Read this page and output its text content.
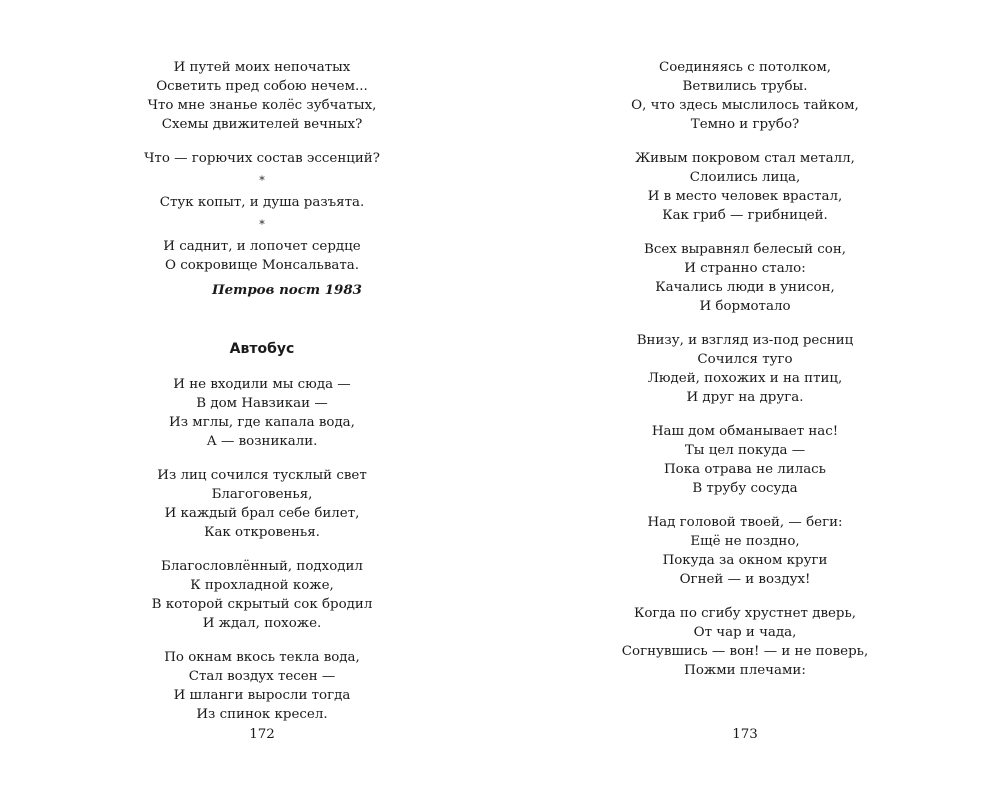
И путей моих непочатых
Осветить пред собою нечем...
Что мне знанье колёс зубчатых,
Схемы движителей вечных?
Что — горючих состав эссенций?
*
Стук копыт, и душа разъята.
*
И саднит, и лопочет сердце
О сокровище Монсальвата.
Петров пост 1983
Автобус
И не входили мы сюда —
В дом Навзикаи —
Из мглы, где капала вода,
А — возникали.
Из лиц сочился тусклый свет
Благоговенья,
И каждый брал себе билет,
Как откровенья.
Благословлённый, подходил
К прохладной коже,
В которой скрытый сок бродил
И ждал, похоже.
По окнам вкось текла вода,
Стал воздух тесен —
И шланги выросли тогда
Из спинок кресел.
Соединяясь с потолком,
Ветвились трубы.
О, что здесь мыслилось тайком,
Темно и грубо?
Живым покровом стал металл,
Слоились лица,
И в место человек врастал,
Как гриб — грибницей.
Всех выравнял белесый сон,
И странно стало:
Качались люди в унисон,
И бормотало
Внизу, и взгляд из-под ресниц
Сочился туго
Людей, похожих и на птиц,
И друг на друга.
Наш дом обманывает нас!
Ты цел покуда —
Пока отрава не лилась
В трубу сосуда
Над головой твоей, — беги:
Ещё не поздно,
Покуда за окном круги
Огней — и воздух!
Когда по сгибу хрустнет дверь,
От чар и чада,
Согнувшись — вон! — и не поверь,
Пожми плечами:
172	173
